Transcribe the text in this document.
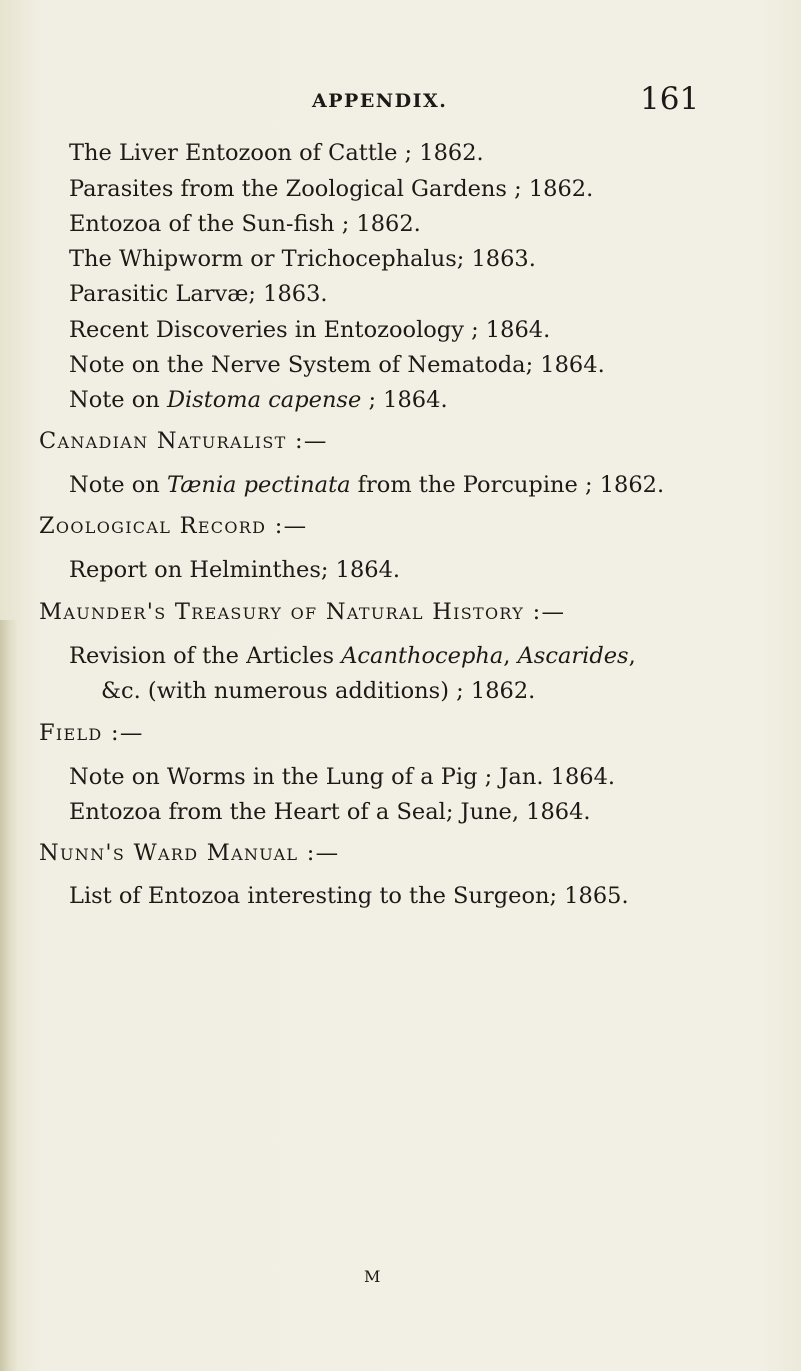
APPENDIX.	161
The Liver Entozoon of Cattle ; 1862.
Parasites from the Zoological Gardens ; 1862.
Entozoa of the Sun-fish ; 1862.
The Whipworm or Trichocephalus; 1863.
Parasitic Larvæ; 1863.
Recent Discoveries in Entozoology ; 1864.
Note on the Nerve System of Nematoda; 1864.
Note on Distoma capense ; 1864.
Canadian Naturalist :—
Note on Tænia pectinata from the Porcupine ; 1862.
Zoological Record :—
Report on Helminthes; 1864.
Maunder's Treasury of Natural History :—
Revision of the Articles Acanthocepha, Ascarides,
&c. (with numerous additions) ; 1862.
Field :—
Note on Worms in the Lung of a Pig ; Jan. 1864.
Entozoa from the Heart of a Seal; June, 1864.
Nunn's Ward Manual :—
List of Entozoa interesting to the Surgeon; 1865.
M
